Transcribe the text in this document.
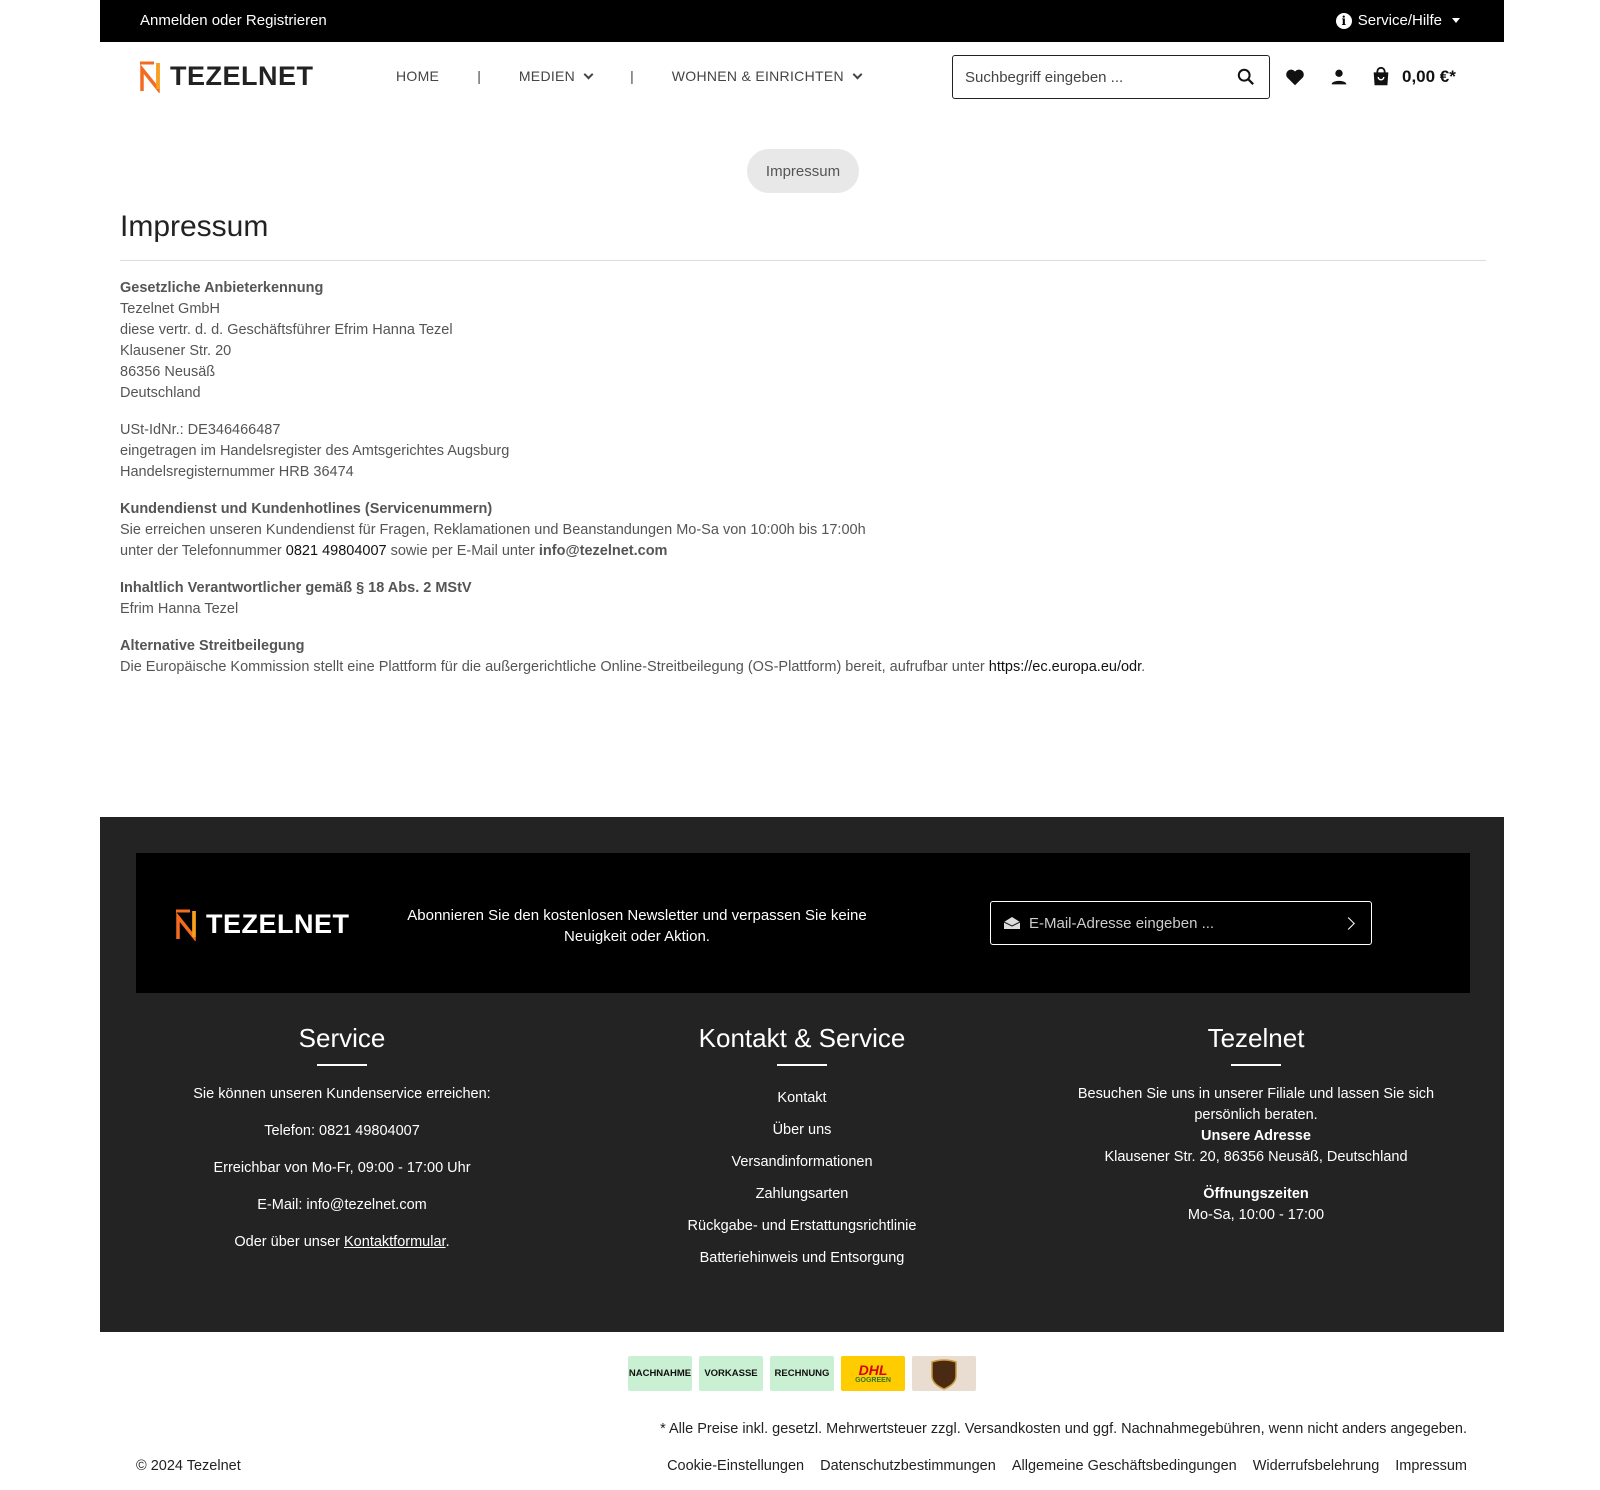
Anmelden oder Registrieren	i Service/Hilfe
TEZELNET	HOME	|	MEDIEN	|	WOHNEN & EINRICHTEN
Suchbegriff eingeben ...	0,00 €*
Impressum
Impressum
Gesetzliche Anbieterkennung
Tezelnet GmbH
diese vertr. d. d. Geschäftsführer Efrim Hanna Tezel
Klausener Str. 20
86356 Neusäß
Deutschland
USt-IdNr.: DE346466487
eingetragen im Handelsregister des Amtsgerichtes Augsburg
Handelsregisternummer HRB 36474
Kundendienst und Kundenhotlines (Servicenummern)
Sie erreichen unseren Kundendienst für Fragen, Reklamationen und Beanstandungen Mo-Sa von 10:00h bis 17:00h
unter der Telefonnummer 0821 49804007 sowie per E-Mail unter info@tezelnet.com
Inhaltlich Verantwortlicher gemäß § 18 Abs. 2 MStV
Efrim Hanna Tezel
Alternative Streitbeilegung
Die Europäische Kommission stellt eine Plattform für die außergerichtliche Online-Streitbeilegung (OS-Plattform) bereit, aufrufbar unter https://ec.europa.eu/odr.
TEZELNET	Abonnieren Sie den kostenlosen Newsletter und verpassen Sie keine Neuigkeit oder Aktion.
E-Mail-Adresse eingeben ...
Service

Sie können unseren Kundenservice erreichen:

Telefon: 0821 49804007

Erreichbar von Mo-Fr, 09:00 - 17:00 Uhr

E-Mail: info@tezelnet.com

Oder über unser Kontaktformular.

Kontakt & Service
Kontakt
Über uns
Versandinformationen
Zahlungsarten
Rückgabe- und Erstattungsrichtlinie
Batteriehinweis und Entsorgung
Tezelnet

Besuchen Sie uns in unserer Filiale und lassen Sie sich persönlich beraten.

Unsere Adresse

Klausener Str. 20, 86356 Neusäß, Deutschland

Öffnungszeiten

Mo-Sa, 10:00 - 17:00

NACHNAHME	VORKASSE	RECHNUNG	DHL
GOGREEN
* Alle Preise inkl. gesetzl. Mehrwertsteuer zzgl. Versandkosten und ggf. Nachnahmegebühren, wenn nicht anders angegeben.
© 2024 Tezelnet	Cookie-Einstellungen Datenschutzbestimmungen Allgemeine Geschäftsbedingungen Widerrufsbelehrung Impressum
